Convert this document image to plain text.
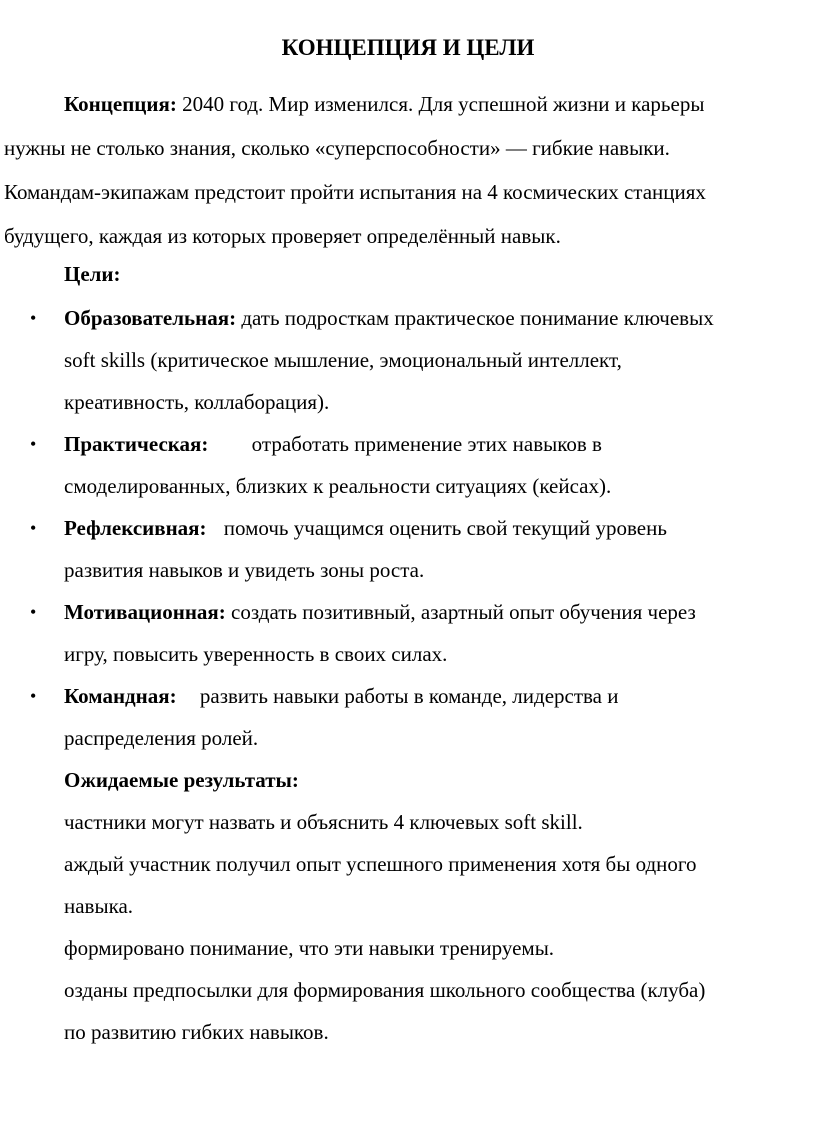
КОНЦЕПЦИЯ И ЦЕЛИ
Концепция: 2040 год. Мир изменился. Для успешной жизни и карьеры
нужны не столько знания, сколько «суперспособности» — гибкие навыки.
Командам-экипажам предстоит пройти испытания на 4 космических станциях
будущего, каждая из которых проверяет определённый навык.
Цели:
• Образовательная: дать подросткам практическое понимание ключевых
soft skills (критическое мышление, эмоциональный интеллект,
креативность, коллаборация).
• Практическая: отработать применение этих навыков в
смоделированных, близких к реальности ситуациях (кейсах).
• Рефлексивная: помочь учащимся оценить свой текущий уровень
развития навыков и увидеть зоны роста.
• Мотивационная: создать позитивный, азартный опыт обучения через
игру, повысить уверенность в своих силах.
• Командная: развить навыки работы в команде, лидерства и
распределения ролей.
Ожидаемые результаты:
частники могут назвать и объяснить 4 ключевых soft skill.
аждый участник получил опыт успешного применения хотя бы одного
навыка.
формировано понимание, что эти навыки тренируемы.
озданы предпосылки для формирования школьного сообщества (клуба)
по развитию гибких навыков.
